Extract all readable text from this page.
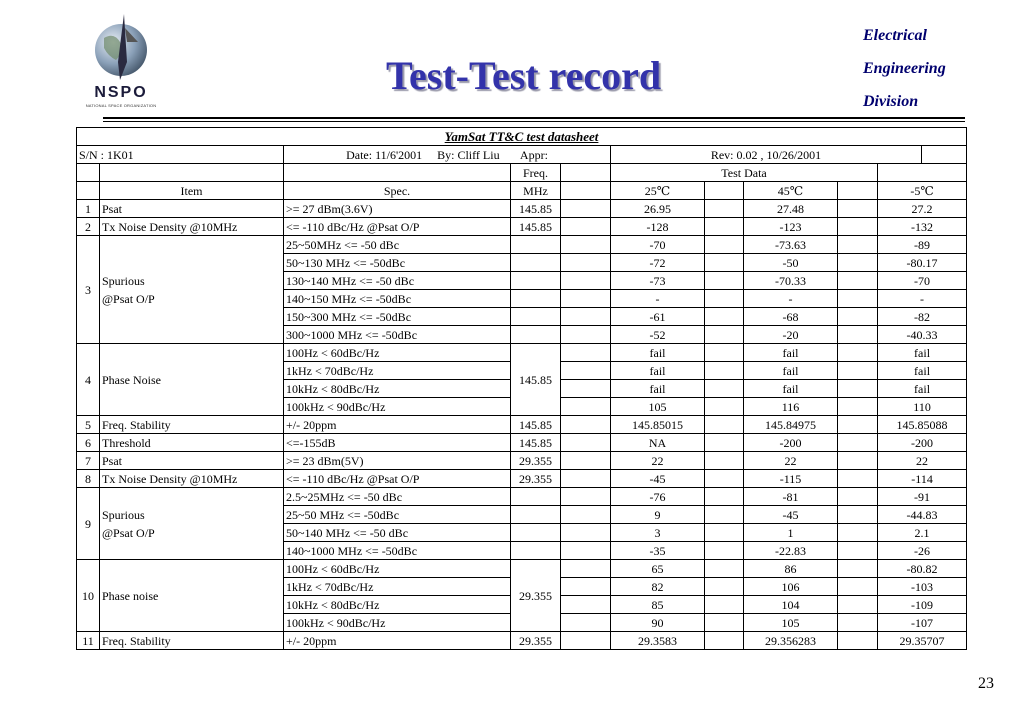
NSPO
NATIONAL SPACE ORGANIZATION
Test-Test record
Electrical
Engineering
Division
YamSat TT&C test datasheet										
S/N : 1K01		Date: 11/6'2001 By: Cliff Liu Appr:			Rev: 0.02 , 10/26/2001					
			Freq.		Test Data					
	Item	Spec.	MHz		25℃		45℃		-5℃	
1	Psat	>= 27 dBm(3.6V)	145.85		26.95		27.48		27.2	
2	Tx Noise Density @10MHz	<= -110 dBc/Hz @Psat O/P	145.85		-128		-123		-132	
3		25~50MHz <= -50 dBc			-70		-73.63		-89	
		50~130 MHz <= -50dBc			-72		-50		-80.17	
	Spurious	130~140 MHz <= -50 dBc			-73		-70.33		-70	
	@Psat O/P	140~150 MHz <= -50dBc			-		-		-	
		150~300 MHz <= -50dBc			-61		-68		-82	
		300~1000 MHz <= -50dBc			-52		-20		-40.33	
4	Phase Noise	100Hz < 60dBc/Hz	145.85		fail		fail		fail	
		1kHz < 70dBc/Hz			fail		fail		fail	
		10kHz < 80dBc/Hz			fail		fail		fail	
		100kHz < 90dBc/Hz			105		116		110	
5	Freq. Stability	+/- 20ppm	145.85		145.85015		145.84975		145.85088	
6	Threshold	<=-155dB	145.85		NA		-200		-200	
7	Psat	>= 23 dBm(5V)	29.355		22		22		22	
8	Tx Noise Density @10MHz	<= -110 dBc/Hz @Psat O/P	29.355		-45		-115		-114	
9		2.5~25MHz <= -50 dBc			-76		-81		-91	
	Spurious	25~50 MHz <= -50dBc			9		-45		-44.83	
	@Psat O/P	50~140 MHz <= -50 dBc			3		1		2.1	
		140~1000 MHz <= -50dBc			-35		-22.83		-26	
10	Phase noise	100Hz < 60dBc/Hz	29.355		65		86		-80.82	
		1kHz < 70dBc/Hz			82		106		-103	
		10kHz < 80dBc/Hz			85		104		-109	
		100kHz < 90dBc/Hz			90		105		-107	
11	Freq. Stability	+/- 20ppm	29.355		29.3583		29.356283		29.35707	
23
